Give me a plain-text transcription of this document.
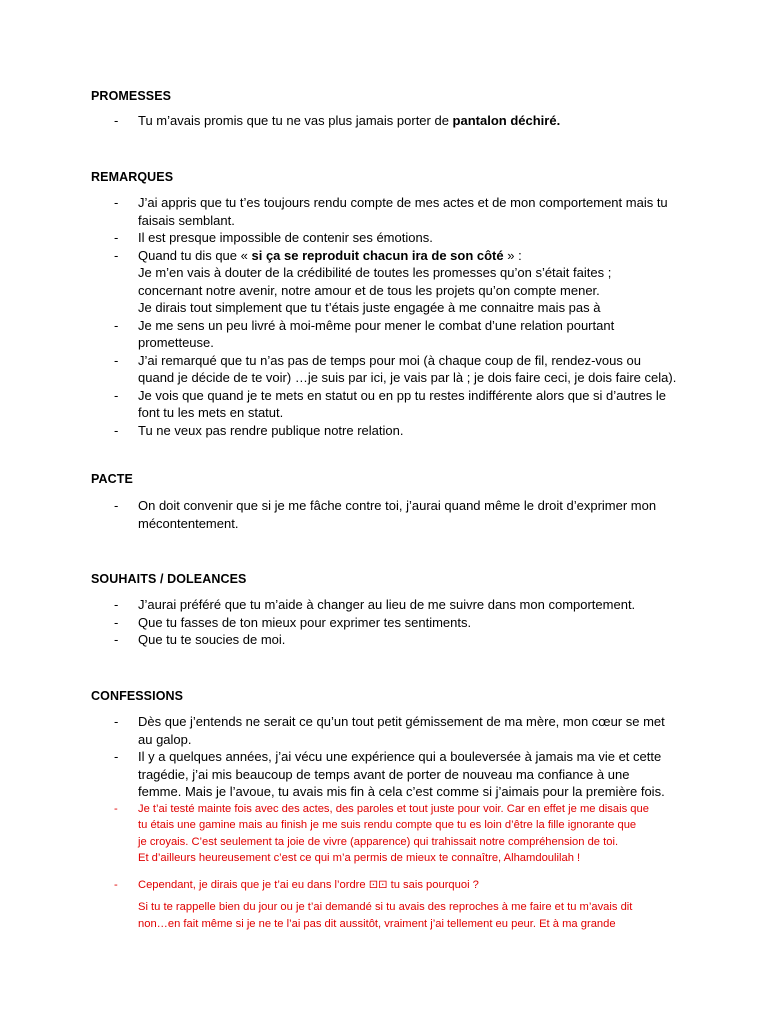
PROMESSES
- Tu m’avais promis que tu ne vas plus jamais porter de pantalon déchiré.
REMARQUES
- J’ai appris que tu t’es toujours rendu compte de mes actes et de mon comportement mais tu
faisais semblant.
- Il est presque impossible de contenir ses émotions.
- Quand tu dis que « si ça se reproduit chacun ira de son côté » :
Je m’en vais à douter de la crédibilité de toutes les promesses qu’on s’était faites ;
concernant notre avenir, notre amour et de tous les projets qu’on compte mener.
Je dirais tout simplement que tu t’étais juste engagée à me connaitre mais pas à
- Je me sens un peu livré à moi-même pour mener le combat d’une relation pourtant
prometteuse.
- J’ai remarqué que tu n’as pas de temps pour moi (à chaque coup de fil, rendez-vous ou
quand je décide de te voir) …je suis par ici, je vais par là ; je dois faire ceci, je dois faire cela).
- Je vois que quand je te mets en statut ou en pp tu restes indifférente alors que si d’autres le
font tu les mets en statut.
- Tu ne veux pas rendre publique notre relation.
PACTE
- On doit convenir que si je me fâche contre toi, j’aurai quand même le droit d’exprimer mon
mécontentement.
SOUHAITS / DOLEANCES
- J’aurai préféré que tu m’aide à changer au lieu de me suivre dans mon comportement.
- Que tu fasses de ton mieux pour exprimer tes sentiments.
- Que tu te soucies de moi.
CONFESSIONS
- Dès que j’entends ne serait ce qu’un tout petit gémissement de ma mère, mon cœur se met
au galop.
- Il y a quelques années, j’ai vécu une expérience qui a bouleversée à jamais ma vie et cette
tragédie, j’ai mis beaucoup de temps avant de porter de nouveau ma confiance à une
femme. Mais je l’avoue, tu avais mis fin à cela c’est comme si j’aimais pour la première fois.
- Je t’ai testé mainte fois avec des actes, des paroles et tout juste pour voir. Car en effet je me disais que
tu étais une gamine mais au finish je me suis rendu compte que tu es loin d’être la fille ignorante que
je croyais. C’est seulement ta joie de vivre (apparence) qui trahissait notre compréhension de toi.
Et d’ailleurs heureusement c’est ce qui m’a permis de mieux te connaître, Alhamdoulilah !
- Cependant, je dirais que je t’ai eu dans l’ordre ⊡⊡ tu sais pourquoi ?
Si tu te rappelle bien du jour ou je t’ai demandé si tu avais des reproches à me faire et tu m’avais dit
non…en fait même si je ne te l’ai pas dit aussitôt, vraiment j’ai tellement eu peur. Et à ma grande
